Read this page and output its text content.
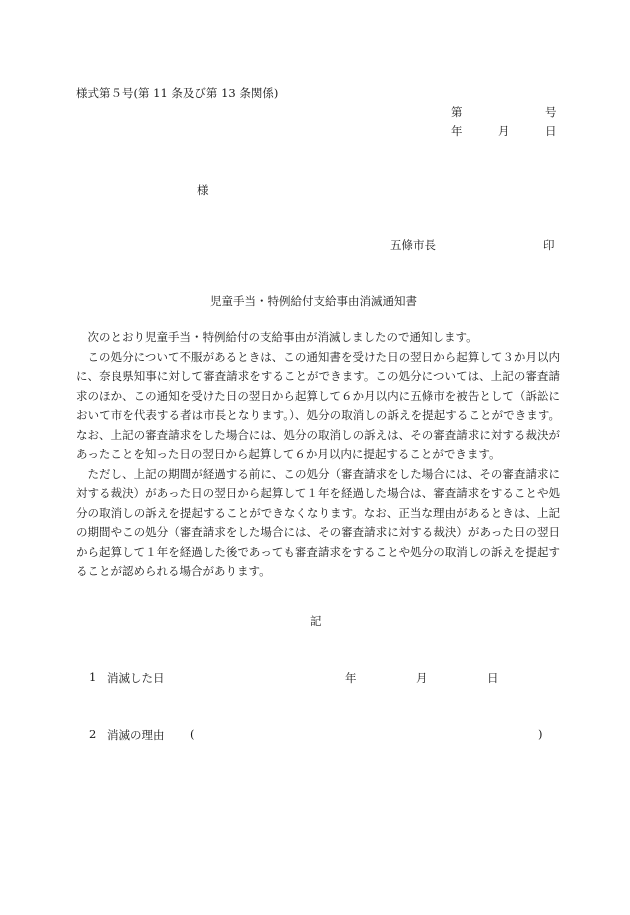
様式第５号(第 11 条及び第 13 条関係)
第	号
年	月	日
様
五條市長	印
児童手当・特例給付支給事由消滅通知書

次のとおり児童手当・特例給付の支給事由が消滅しましたので通知します。

この処分について不服があるときは、この通知書を受けた日の翌日から起算して３か月以内に、奈良県知事に対して審査請求をすることができます。この処分については、上記の審査請求のほか、この通知を受けた日の翌日から起算して６か月以内に五條市を被告として（訴訟において市を代表する者は市長となります。）、処分の取消しの訴えを提起することができます。なお、上記の審査請求をした場合には、処分の取消しの訴えは、その審査請求に対する裁決があったことを知った日の翌日から起算して６か月以内に提起することができます。

ただし、上記の期間が経過する前に、この処分（審査請求をした場合には、その審査請求に対する裁決）があった日の翌日から起算して１年を経過した場合は、審査請求をすることや処分の取消しの訴えを提起することができなくなります。なお、正当な理由があるときは、上記の期間やこの処分（審査請求をした場合には、その審査請求に対する裁決）があった日の翌日から起算して１年を経過した後であっても審査請求をすることや処分の取消しの訴えを提起することが認められる場合があります。

記
1 消滅した日	年	月	日
2 消滅の理由 (	)
